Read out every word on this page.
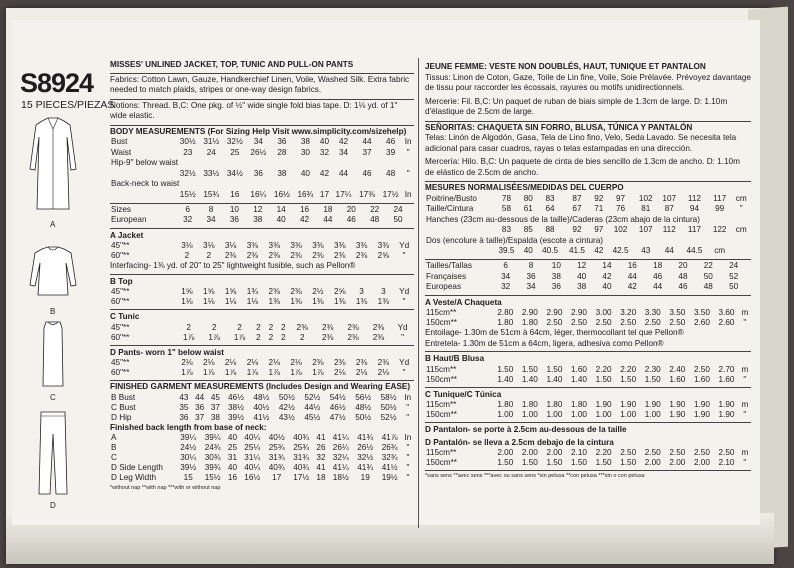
S8924
15 PIECES/PIEZAS
A
B
C
D
MISSES' UNLINED JACKET, TOP, TUNIC AND PULL-ON PANTS
Fabrics: Cotton Lawn, Gauze, Handkerchief Linen, Voile, Washed Silk. Extra fabric needed to match plaids, stripes or one-way design fabrics.
Notions: Thread. B,C: One pkg. of ½" wide single fold bias tape. D: 1⅛ yd. of 1" wide elastic.
BODY MEASUREMENTS (For Sizing Help Visit www.simplicity.com/sizehelp)
Bust	30½	31½	32½	34	36	38	40	42	44	46	In
Waist	23	24	25	26½	28	30	32	34	37	39	"
Hip-9" below waist											
	32½	33½	34½	36	38	40	42	44	46	48	"
Back-neck to waist											
	15½	15¾	16	16¼	16½	16¾	17	17¼	17⅜	17½	In
Sizes	6	8	10	12	14	16	18	20	22	24	
European	32	34	36	38	40	42	44	46	48	50	
A Jacket
45"**	3⅛	3⅛	3⅛	3⅜	3⅜	3⅜	3⅜	3⅜	3⅜	3⅜	Yd
60"**	2	2	2⅜	2⅜	2⅜	2⅜	2⅜	2⅜	2⅜	2⅝	"
Interfacing- 1⅜ yd. of 20" to 25" lightweight fusible, such as Pellon®
B Top
45"**	1⅝	1⅝	1⅝	1¾	2⅜	2⅜	2½	2⅝	3	3	Yd
60"**	1⅛	1⅛	1⅛	1⅛	1⅜	1⅜	1⅜	1⅜	1⅜	1⅜	"
C Tunic
45"**	2	2	2	2	2	2	2⅜	2⅜	2⅜	2⅜	Yd
60"**	1⅞	1⅞	1⅞	2	2	2	2	2⅜	2⅜	2⅜	"
D Pants- worn 1" below waist
45"**	2⅛	2⅛	2⅛	2⅛	2⅛	2⅛	2⅜	2⅜	2⅜	2⅜	Yd
60"**	1⅞	1⅞	1⅞	1⅞	1⅞	1⅞	1⅞	2⅛	2⅛	2⅛	"
FINISHED GARMENT MEASUREMENTS (Includes Design and Wearing EASE)
B Bust	43	44	45	46½	48½	50½	52½	54½	56½	58½	In
C Bust	35	36	37	38½	40½	42½	44½	46½	48½	50½	"
D Hip	36	37	38	39½	41½	43½	45½	47½	50½	52½	"
Finished back length from base of neck:
A	39¼	39¼	40	40¼	40½	40¾	41	41¼	41¾	41⅞	In
B	24½	24¾	25	25¼	25¾	25¾	26	26¼	26½	26¾	"
C	30¼	30¾	31	31¼	31¾	31¾	32	32¼	32½	32¾	"
D Side Length	39½	39¾	40	40¼	40¾	40¾	41	41¼	41¾	41½	"
D Leg Width	15	15½	16	16½	17	17½	18	18½	19	19½	"
*without nap **with nap ***with or without nap
JEUNE FEMME: VESTE NON DOUBLÉS, HAUT, TUNIQUE ET PANTALON
Tissus: Linon de Coton, Gaze, Toile de Lin fine, Voile, Soie Prélavée. Prévoyez davantage de tissu pour raccorder les écossais, rayures ou motifs unidirectionnels.
Mercerie: Fil. B,C: Un paquet de ruban de biais simple de 1.3cm de large. D: 1.10m d'élastique de 2.5cm de large.
SEÑORITAS: CHAQUETA SIN FORRO, BLUSA, TÚNICA Y PANTALÓN
Telas: Linón de Algodón, Gasa, Tela de Lino fino, Velo, Seda Lavado. Se necesita tela adicional para casar cuadros, rayas o telas estampadas en una dirección.
Mercería: Hilo. B,C: Un paquete de cinta de bies sencillo de 1.3cm de ancho. D: 1.10m de elástico de 2.5cm de ancho.
MESURES NORMALISÉES/MEDIDAS DEL CUERPO
Poitrine/Busto	78	80	83	87	92	97	102	107	112	117	cm
Taille/Cintura	58	61	64	67	71	76	81	87	94	99	"
Hanches (23cm au-dessous de la taille)/Caderas (23cm abajo de la cintura)											
	83	85	88	92	97	102	107	112	117	122	cm
Dos (encolure à taille)/Espalda (escote a cintura)											
	39.5	40	40.5	41.5	42	42.5	43	44	44.5	cm	
Tailles/Tallas	6	8	10	12	14	16	18	20	22	24	
Françaises	34	36	38	40	42	44	46	48	50	52	
Europeas	32	34	36	38	40	42	44	46	48	50	
A Veste/A Chaqueta
115cm**	2.80	2.90	2.90	2.90	3.00	3.20	3.30	3.50	3.50	3.60	m
150cm**	1.80	1.80	2.50	2.50	2.50	2.50	2.50	2.50	2.60	2.60	"
Entoilage- 1.30m de 51cm à 64cm, léger, thermocollant tel que Pellon®
Entretela- 1.30m de 51cm a 64cm, ligera, adhesiva como Pellon®
B Haut/B Blusa
115cm**	1.50	1.50	1.50	1.60	2.20	2.20	2.30	2.40	2.50	2.70	m
150cm**	1.40	1.40	1.40	1.40	1.50	1.50	1.50	1.60	1.60	1.60	"
C Tunique/C Túnica
115cm**	1.80	1.80	1.80	1.80	1.90	1.90	1.90	1.90	1.90	1.90	m
150cm**	1.00	1.00	1.00	1.00	1.00	1.00	1.00	1.90	1.90	1.90	"
D Pantalon- se porte à 2.5cm au-dessous de la taille
D Pantalón- se lleva a 2.5cm debajo de la cintura
115cm**	2.00	2.00	2.00	2.10	2.20	2.50	2.50	2.50	2.50	2.50	m
150cm**	1.50	1.50	1.50	1.50	1.50	1.50	2.00	2.00	2.00	2.10	"
*sans sens **avec sens ***avec ou sans sens *sin pelusa **con pelusa ***sin o con pelusa
